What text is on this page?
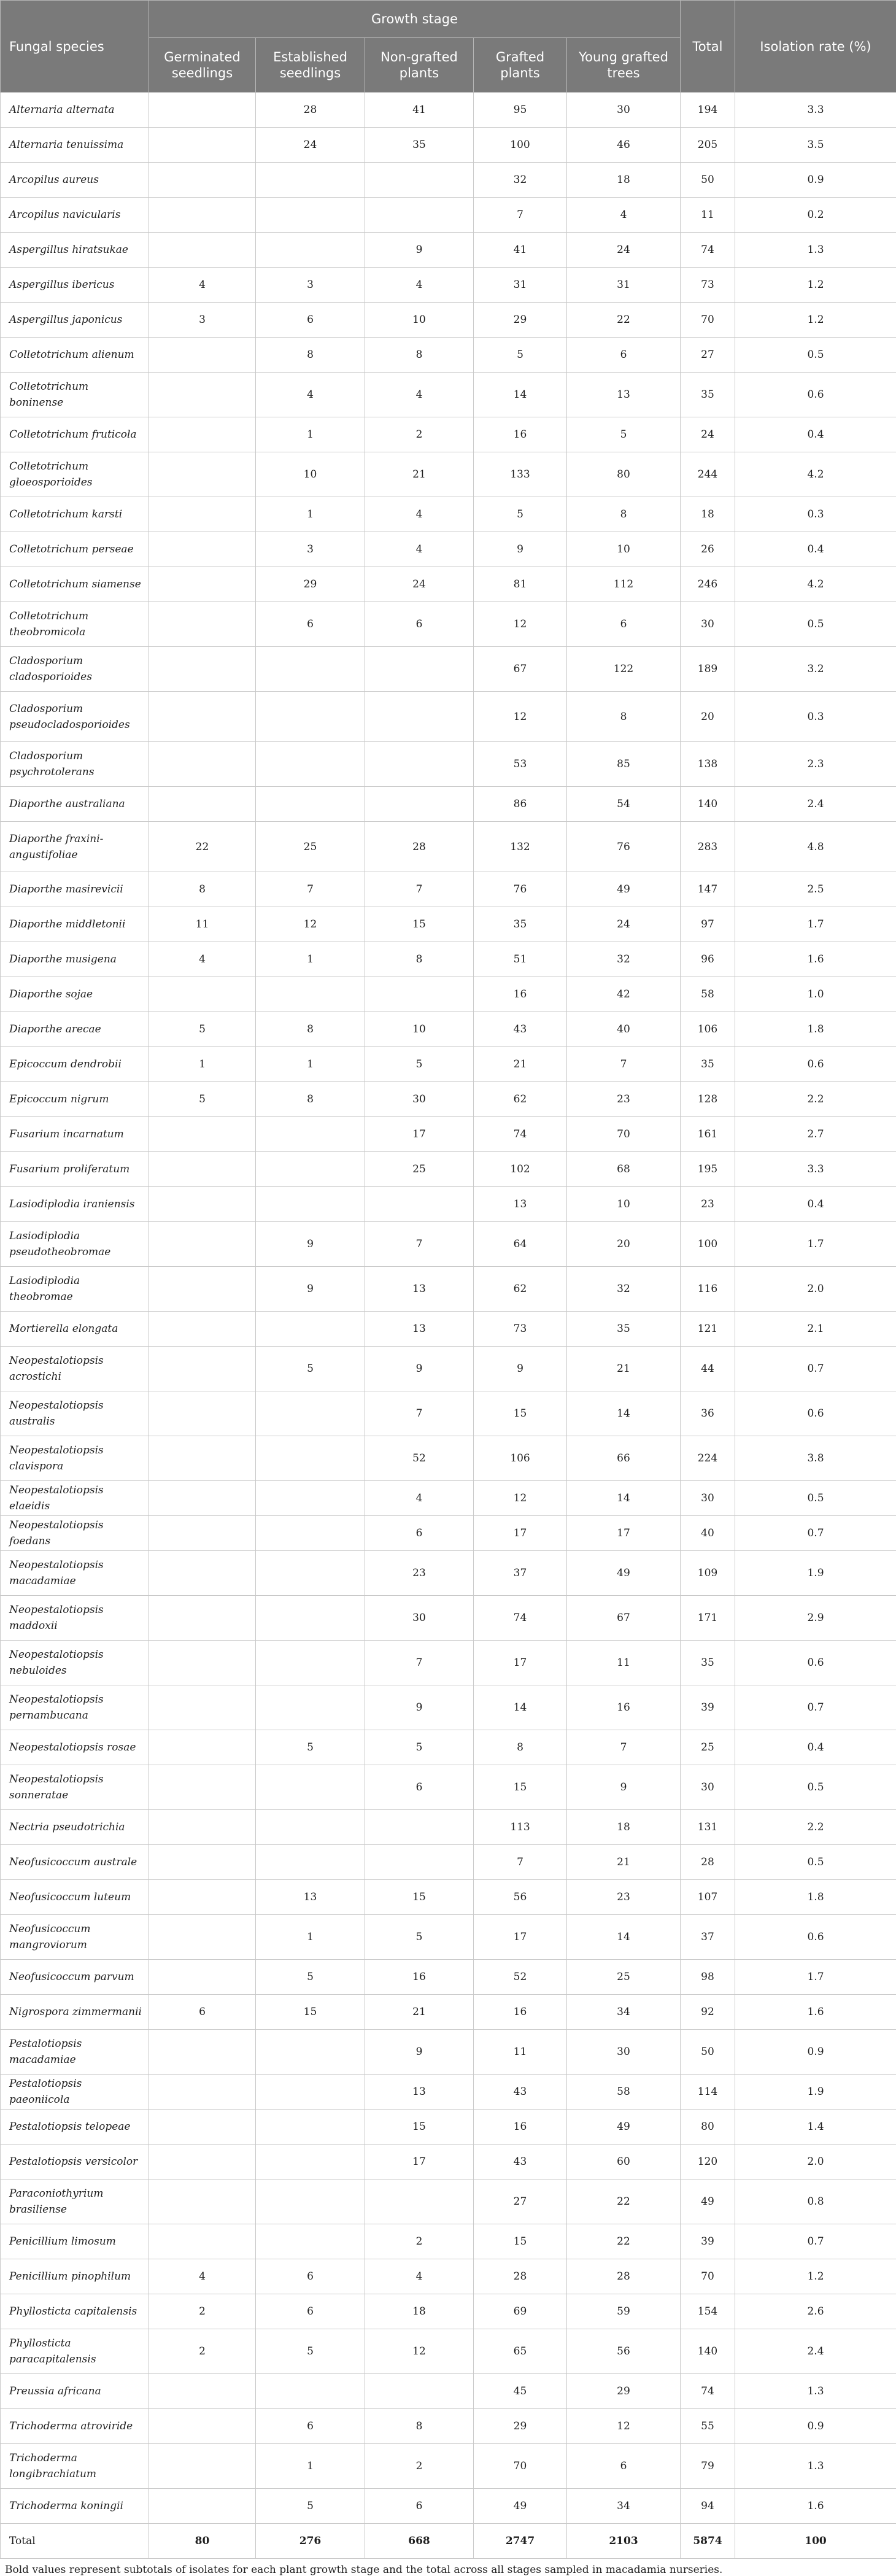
Fungal species	Growth stage					Total	Isolation rate (%)
	Germinated seedlings	Established seedlings	Non-grafted plants	Grafted plants	Young grafted trees		
Alternaria alternata		28	41	95	30	194	3.3
Alternaria tenuissima		24	35	100	46	205	3.5
Arcopilus aureus				32	18	50	0.9
Arcopilus navicularis				7	4	11	0.2
Aspergillus hiratsukae			9	41	24	74	1.3
Aspergillus ibericus	4	3	4	31	31	73	1.2
Aspergillus japonicus	3	6	10	29	22	70	1.2
Colletotrichum alienum		8	8	5	6	27	0.5
Colletotrichum boninense		4	4	14	13	35	0.6
Colletotrichum fruticola		1	2	16	5	24	0.4
Colletotrichum gloeosporioides		10	21	133	80	244	4.2
Colletotrichum karsti		1	4	5	8	18	0.3
Colletotrichum perseae		3	4	9	10	26	0.4
Colletotrichum siamense		29	24	81	112	246	4.2
Colletotrichum theobromicola		6	6	12	6	30	0.5
Cladosporium cladosporioides				67	122	189	3.2
Cladosporium pseudocladosporioides				12	8	20	0.3
Cladosporium psychrotolerans				53	85	138	2.3
Diaporthe australiana				86	54	140	2.4
Diaporthe fraxini-angustifoliae	22	25	28	132	76	283	4.8
Diaporthe masirevicii	8	7	7	76	49	147	2.5
Diaporthe middletonii	11	12	15	35	24	97	1.7
Diaporthe musigena	4	1	8	51	32	96	1.6
Diaporthe sojae				16	42	58	1.0
Diaporthe arecae	5	8	10	43	40	106	1.8
Epicoccum dendrobii	1	1	5	21	7	35	0.6
Epicoccum nigrum	5	8	30	62	23	128	2.2
Fusarium incarnatum			17	74	70	161	2.7
Fusarium proliferatum			25	102	68	195	3.3
Lasiodiplodia iraniensis				13	10	23	0.4
Lasiodiplodia pseudotheobromae		9	7	64	20	100	1.7
Lasiodiplodia theobromae		9	13	62	32	116	2.0
Mortierella elongata			13	73	35	121	2.1
Neopestalotiopsis acrostichi		5	9	9	21	44	0.7
Neopestalotiopsis australis			7	15	14	36	0.6
Neopestalotiopsis clavispora			52	106	66	224	3.8
Neopestalotiopsis elaeidis			4	12	14	30	0.5
Neopestalotiopsis foedans			6	17	17	40	0.7
Neopestalotiopsis macadamiae			23	37	49	109	1.9
Neopestalotiopsis maddoxii			30	74	67	171	2.9
Neopestalotiopsis nebuloides			7	17	11	35	0.6
Neopestalotiopsis pernambucana			9	14	16	39	0.7
Neopestalotiopsis rosae		5	5	8	7	25	0.4
Neopestalotiopsis sonneratae			6	15	9	30	0.5
Nectria pseudotrichia				113	18	131	2.2
Neofusicoccum australe				7	21	28	0.5
Neofusicoccum luteum		13	15	56	23	107	1.8
Neofusicoccum mangroviorum		1	5	17	14	37	0.6
Neofusicoccum parvum		5	16	52	25	98	1.7
Nigrospora zimmermanii	6	15	21	16	34	92	1.6
Pestalotiopsis macadamiae			9	11	30	50	0.9
Pestalotiopsis paeoniicola			13	43	58	114	1.9
Pestalotiopsis telopeae			15	16	49	80	1.4
Pestalotiopsis versicolor			17	43	60	120	2.0
Paraconiothyrium brasiliense				27	22	49	0.8
Penicillium limosum			2	15	22	39	0.7
Penicillium pinophilum	4	6	4	28	28	70	1.2
Phyllosticta capitalensis	2	6	18	69	59	154	2.6
Phyllosticta paracapitalensis	2	5	12	65	56	140	2.4
Preussia africana				45	29	74	1.3
Trichoderma atroviride		6	8	29	12	55	0.9
Trichoderma longibrachiatum		1	2	70	6	79	1.3
Trichoderma koningii		5	6	49	34	94	1.6
Total	80	276	668	2747	2103	5874	100
Bold values represent subtotals of isolates for each plant growth stage and the total across all stages sampled in macadamia nurseries.
